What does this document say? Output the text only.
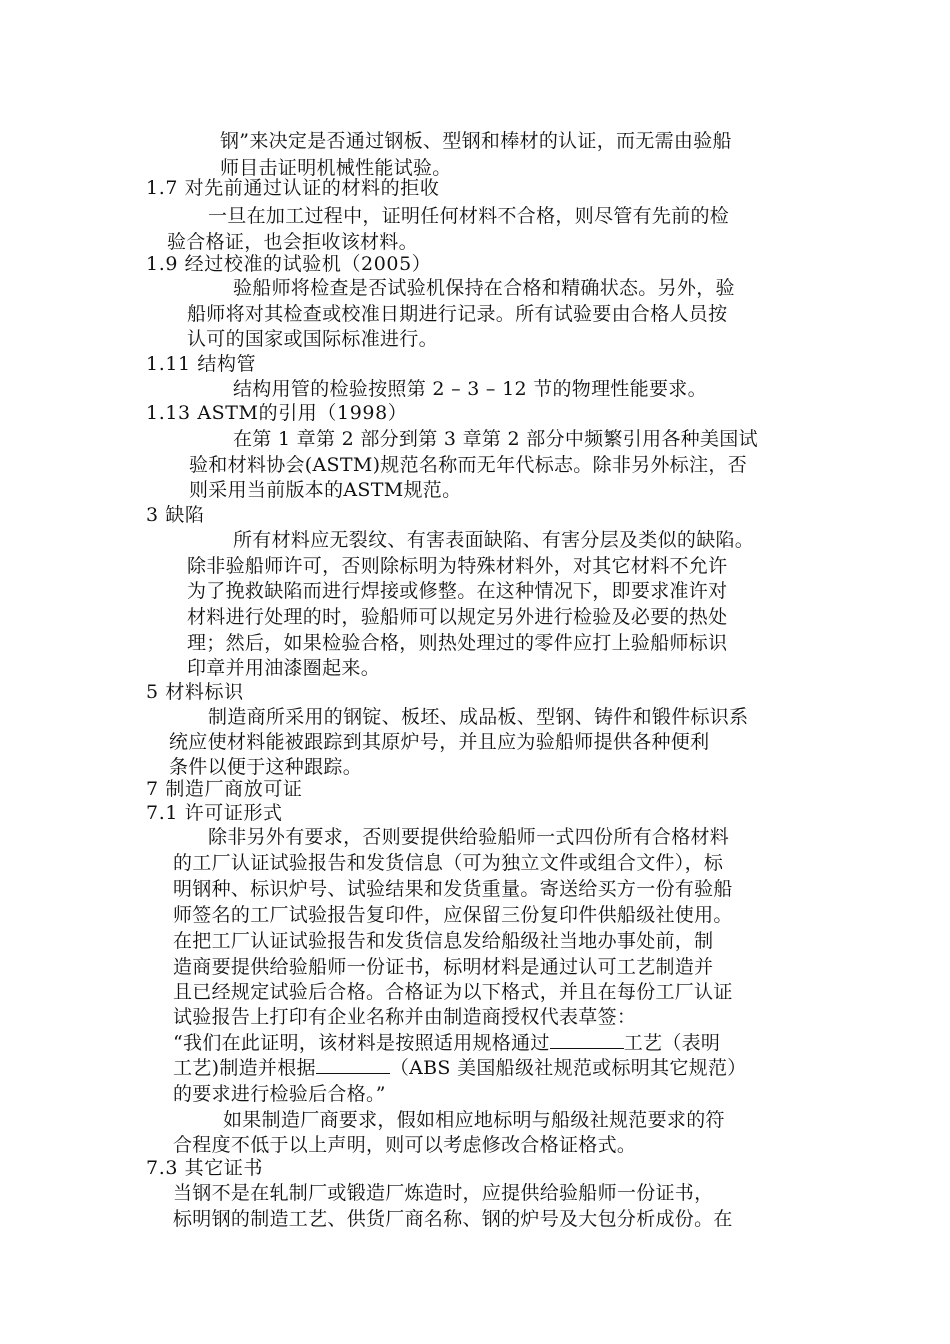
钢”来决定是否通过钢板、型钢和棒材的认证，而无需由验船
师目击证明机械性能试验。
1.7 对先前通过认证的材料的拒收
一旦在加工过程中，证明任何材料不合格，则尽管有先前的检
验合格证，也会拒收该材料。
1.9 经过校准的试验机（2005）
验船师将检查是否试验机保持在合格和精确状态。另外，验
船师将对其检查或校准日期进行记录。所有试验要由合格人员按
认可的国家或国际标准进行。
1.11 结构管
结构用管的检验按照第 2 – 3 – 12 节的物理性能要求。
1.13 ASTM的引用（1998）
在第 1 章第 2 部分到第 3 章第 2 部分中频繁引用各种美国试
验和材料协会(ASTM)规范名称而无年代标志。除非另外标注，否
则采用当前版本的ASTM规范。
3 缺陷
所有材料应无裂纹、有害表面缺陷、有害分层及类似的缺陷。
除非验船师许可，否则除标明为特殊材料外，对其它材料不允许
为了挽救缺陷而进行焊接或修整。在这种情况下，即要求准许对
材料进行处理的时，验船师可以规定另外进行检验及必要的热处
理；然后，如果检验合格，则热处理过的零件应打上验船师标识
印章并用油漆圈起来。
5 材料标识
制造商所采用的钢锭、板坯、成品板、型钢、铸件和锻件标识系
统应使材料能被跟踪到其原炉号，并且应为验船师提供各种便利
条件以便于这种跟踪。
7 制造厂商放可证
7.1 许可证形式
除非另外有要求，否则要提供给验船师一式四份所有合格材料
的工厂认证试验报告和发货信息（可为独立文件或组合文件），标
明钢种、标识炉号、试验结果和发货重量。寄送给买方一份有验船
师签名的工厂试验报告复印件，应保留三份复印件供船级社使用。
在把工厂认证试验报告和发货信息发给船级社当地办事处前，制
造商要提供给验船师一份证书，标明材料是通过认可工艺制造并
且已经规定试验后合格。合格证为以下格式，并且在每份工厂认证
试验报告上打印有企业名称并由制造商授权代表草签：
“我们在此证明，该材料是按照适用规格通过	工艺（表明
工艺)制造并根据	（ABS 美国船级社规范或标明其它规范）
的要求进行检验后合格。”
如果制造厂商要求，假如相应地标明与船级社规范要求的符
合程度不低于以上声明，则可以考虑修改合格证格式。
7.3 其它证书
当钢不是在轧制厂或锻造厂炼造时，应提供给验船师一份证书，
标明钢的制造工艺、供货厂商名称、钢的炉号及大包分析成份。在
